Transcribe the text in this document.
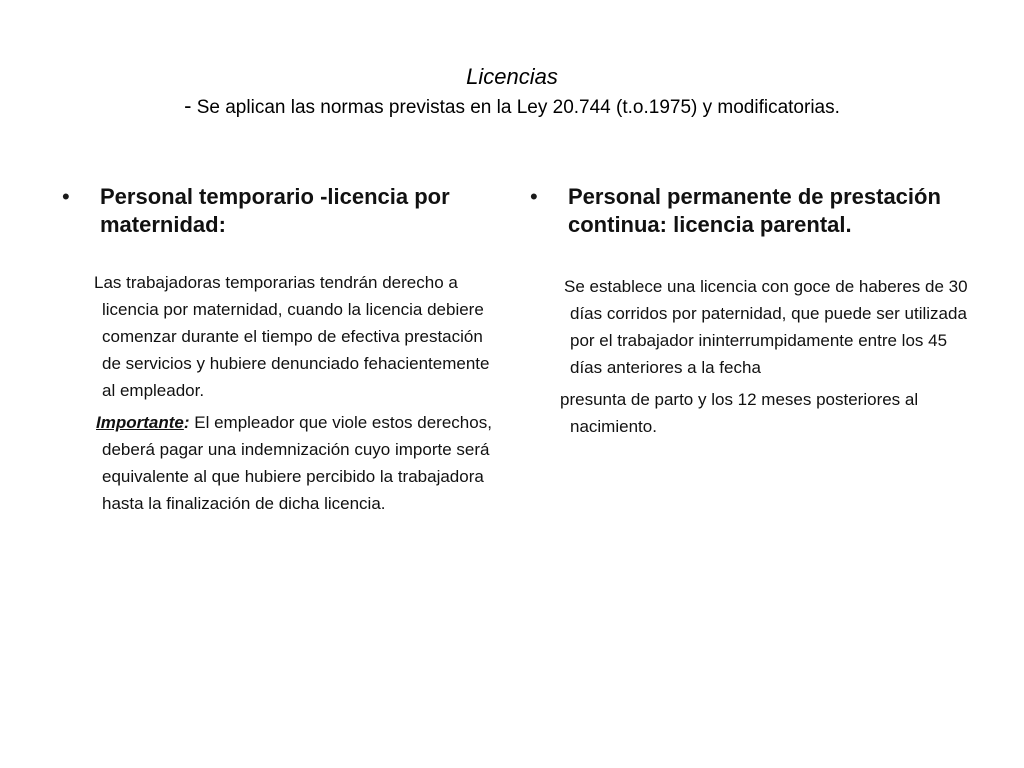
Licencias
- Se aplican las normas previstas en la Ley 20.744 (t.o.1975) y modificatorias.
• Personal temporario -licencia por maternidad:
Las trabajadoras temporarias tendrán derecho a licencia por maternidad, cuando la licencia debiere comenzar durante el tiempo de efectiva prestación de servicios y hubiere denunciado fehacientemente al empleador.
Importante: El empleador que viole estos derechos, deberá pagar una indemnización cuyo importe será equivalente al que hubiere percibido la trabajadora hasta la finalización de dicha licencia.
• Personal permanente de prestación continua: licencia parental.
Se establece una licencia con goce de haberes de 30 días corridos por paternidad, que puede ser utilizada por el trabajador ininterrumpidamente entre los 45 días anteriores a la fecha
presunta de parto y los 12 meses posteriores al nacimiento.
